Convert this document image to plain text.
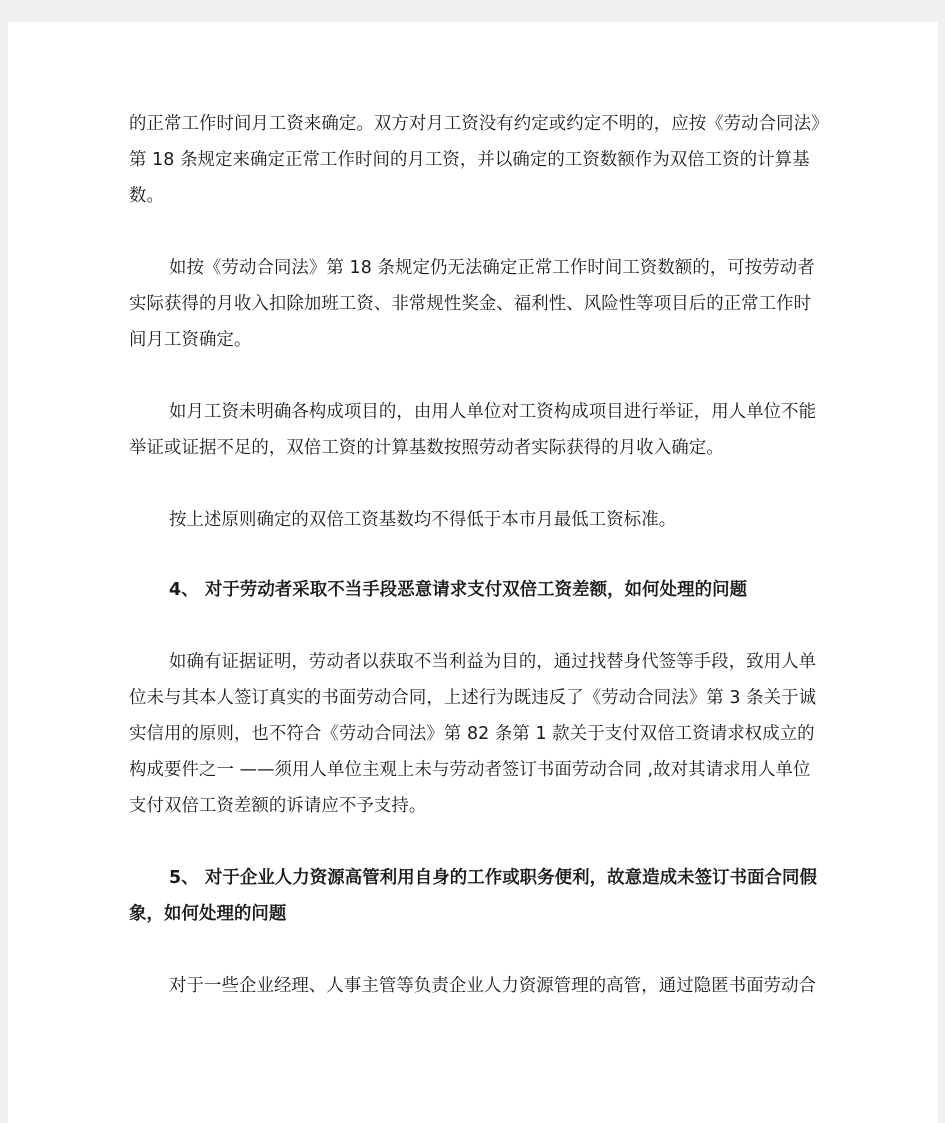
的正常工作时间月工资来确定。双方对月工资没有约定或约定不明的，应按《劳动合同法》
第 18 条规定来确定正常工作时间的月工资，并以确定的工资数额作为双倍工资的计算基
数。
如按《劳动合同法》第 18 条规定仍无法确定正常工作时间工资数额的，可按劳动者
实际获得的月收入扣除加班工资、非常规性奖金、福利性、风险性等项目后的正常工作时
间月工资确定。
如月工资未明确各构成项目的，由用人单位对工资构成项目进行举证，用人单位不能
举证或证据不足的，双倍工资的计算基数按照劳动者实际获得的月收入确定。
按上述原则确定的双倍工资基数均不得低于本市月最低工资标准。
4、 对于劳动者采取不当手段恶意请求支付双倍工资差额，如何处理的问题
如确有证据证明，劳动者以获取不当利益为目的，通过找替身代签等手段，致用人单
位未与其本人签订真实的书面劳动合同，上述行为既违反了《劳动合同法》第 3 条关于诚
实信用的原则，也不符合《劳动合同法》第 82 条第 1 款关于支付双倍工资请求权成立的
构成要件之一 ——须用人单位主观上未与劳动者签订书面劳动合同 ,故对其请求用人单位
支付双倍工资差额的诉请应不予支持。
5、 对于企业人力资源高管利用自身的工作或职务便利，故意造成未签订书面合同假
象，如何处理的问题
对于一些企业经理、人事主管等负责企业人力资源管理的高管，通过隐匿书面劳动合
